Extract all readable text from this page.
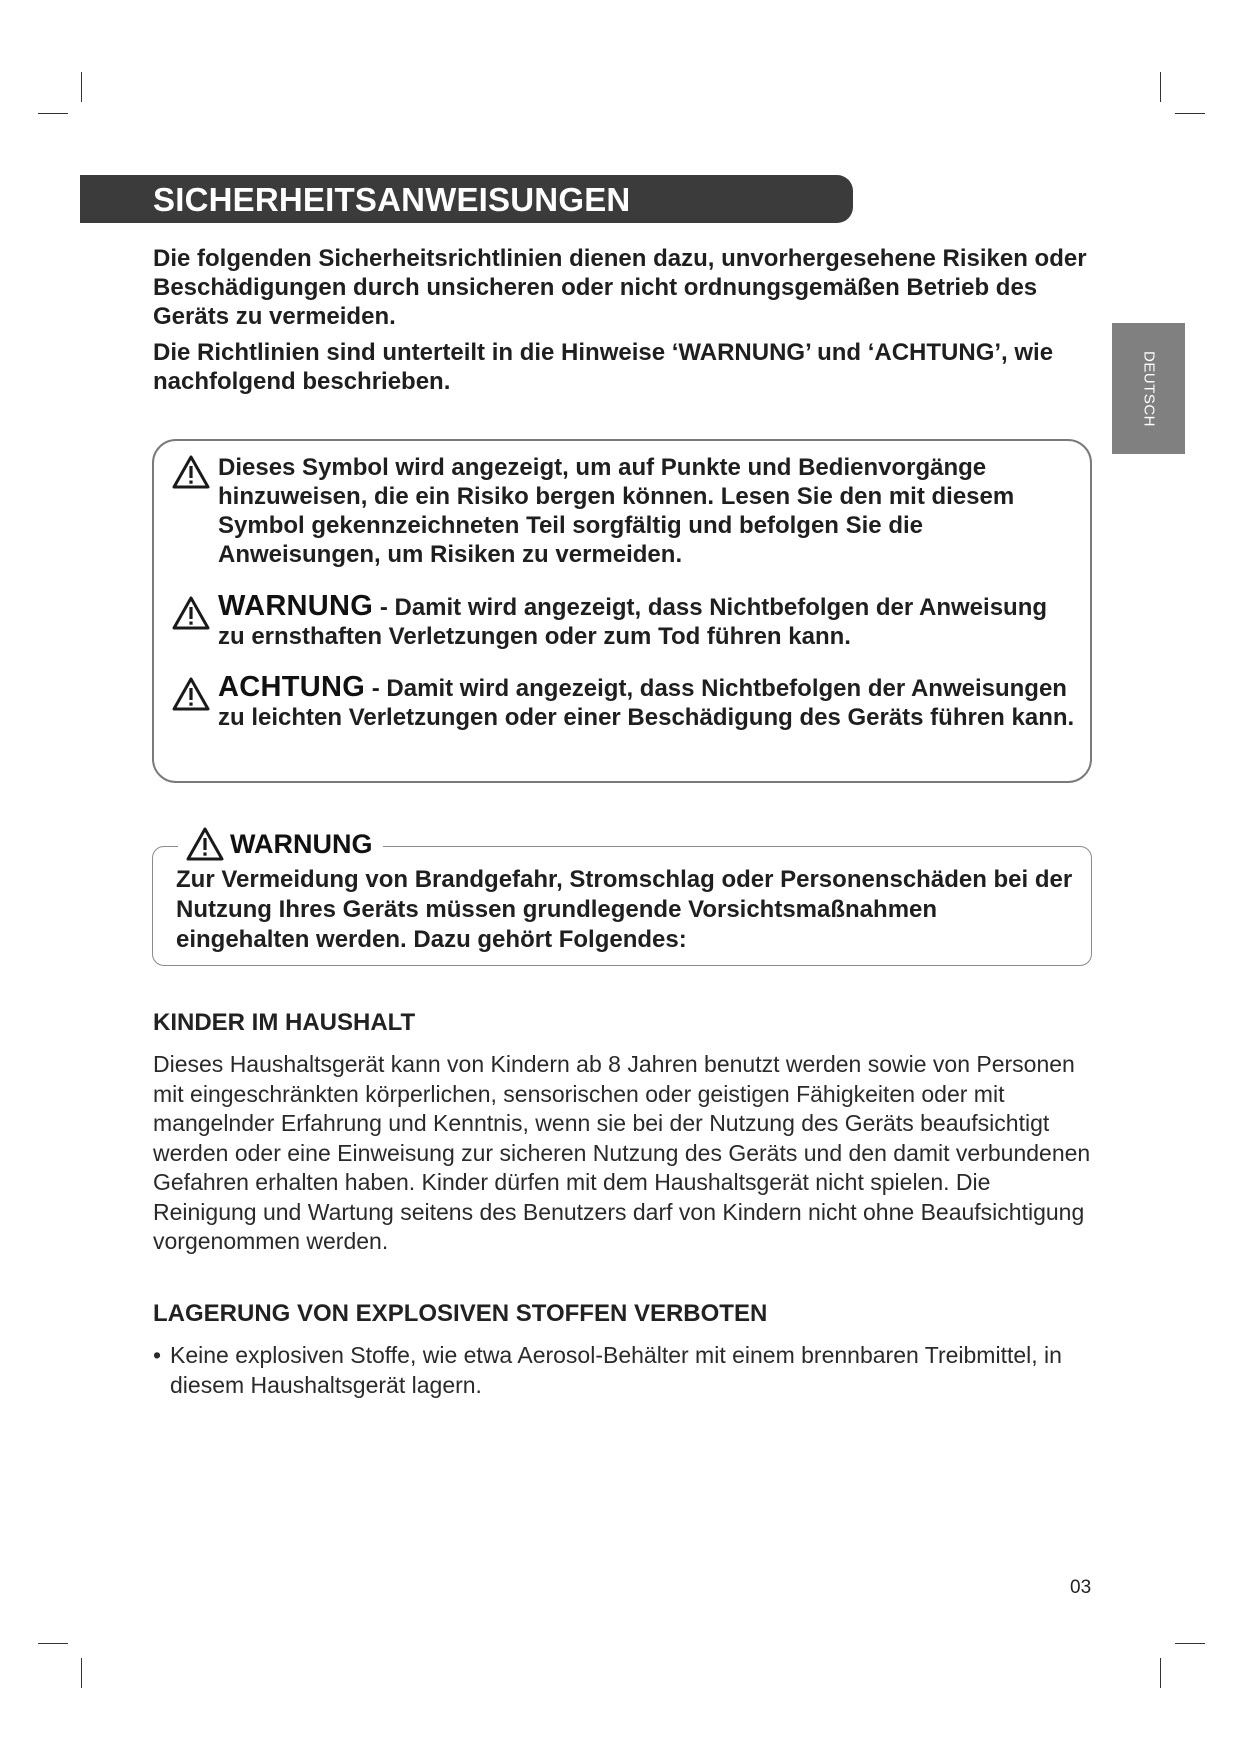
SICHERHEITSANWEISUNGEN
DEUTSCH
Die folgenden Sicherheitsrichtlinien dienen dazu, unvorhergesehene Risiken oder Beschädigungen durch unsicheren oder nicht ordnungsgemäßen Betrieb des Geräts zu vermeiden.
Die Richtlinien sind unterteilt in die Hinweise ‘WARNUNG’ und ‘ACHTUNG’, wie nachfolgend beschrieben.
Dieses Symbol wird angezeigt, um auf Punkte und Bedienvorgänge hinzuweisen, die ein Risiko bergen können. Lesen Sie den mit diesem Symbol gekennzeichneten Teil sorgfältig und befolgen Sie die Anweisungen, um Risiken zu vermeiden.
WARNUNG - Damit wird angezeigt, dass Nichtbefolgen der Anweisung zu ernsthaften Verletzungen oder zum Tod führen kann.
ACHTUNG - Damit wird angezeigt, dass Nichtbefolgen der Anweisungen zu leichten Verletzungen oder einer Beschädigung des Geräts führen kann.
WARNUNG
Zur Vermeidung von Brandgefahr, Stromschlag oder Personenschäden bei der Nutzung Ihres Geräts müssen grundlegende Vorsichtsmaßnahmen eingehalten werden. Dazu gehört Folgendes:
KINDER IM HAUSHALT
Dieses Haushaltsgerät kann von Kindern ab 8 Jahren benutzt werden sowie von Personen mit eingeschränkten körperlichen, sensorischen oder geistigen Fähigkeiten oder mit mangelnder Erfahrung und Kenntnis, wenn sie bei der Nutzung des Geräts beaufsichtigt werden oder eine Einweisung zur sicheren Nutzung des Geräts und den damit verbundenen Gefahren erhalten haben. Kinder dürfen mit dem Haushaltsgerät nicht spielen. Die Reinigung und Wartung seitens des Benutzers darf von Kindern nicht ohne Beaufsichtigung vorgenommen werden.
LAGERUNG VON EXPLOSIVEN STOFFEN VERBOTEN
• Keine explosiven Stoffe, wie etwa Aerosol-Behälter mit einem brennbaren Treibmittel, in diesem Haushaltsgerät lagern.
03
